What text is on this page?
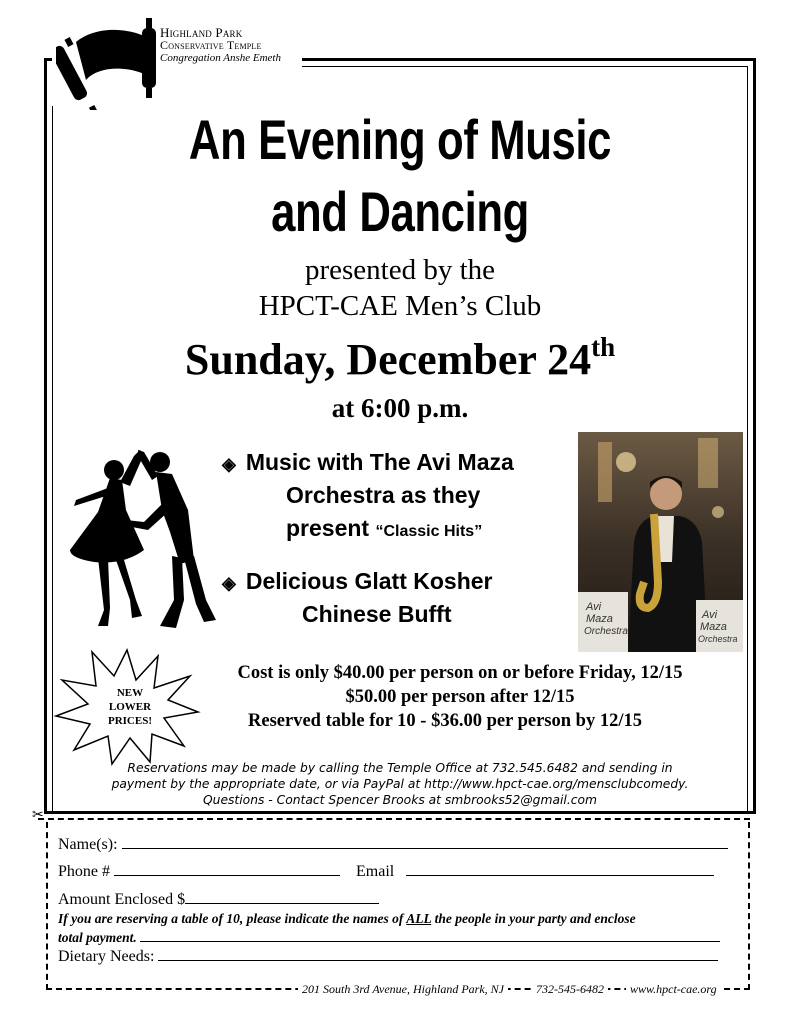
Highland Park
Conservative Temple
Congregation Anshe Emeth
An Evening of Music
and Dancing
presented by the
HPCT-CAE Men’s Club
Sunday, December 24th
at 6:00 p.m.
◈ Music with The Avi Maza
Orchestra as they
present “Classic Hits”
◈ Delicious Glatt Kosher
Chinese Bufft	Avi
Maza
Orchestra
Avi
Maza
Orchestra
NEW
LOWER
PRICES!
Cost is only $40.00 per person on or before Friday, 12/15
$50.00 per person after 12/15
Reserved table for 10 - $36.00 per person by 12/15
Reservations may be made by calling the Temple Office at 732.545.6482 and sending in
payment by the appropriate date, or via PayPal at http://www.hpct-cae.org/mensclubcomedy.
Questions - Contact Spencer Brooks at smbrooks52@gmail.com
✂
Name(s):
Phone #	Email
Amount Enclosed $
If you are reserving a table of 10, please indicate the names of ALL the people in your party and enclose
total payment.
Dietary Needs:
201 South 3rd Avenue, Highland Park, NJ	732-545-6482	www.hpct-cae.org
